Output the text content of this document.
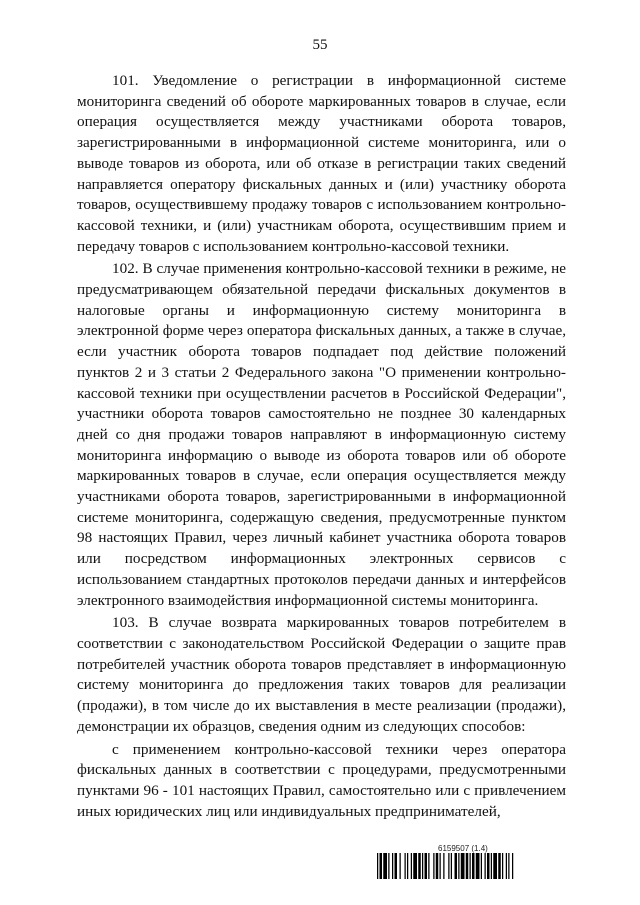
55

101. Уведомление о регистрации в информационной системе мониторинга сведений об обороте маркированных товаров в случае, если операция осуществляется между участниками оборота товаров, зарегистрированными в информационной системе мониторинга, или о выводе товаров из оборота, или об отказе в регистрации таких сведений направляется оператору фискальных данных и (или) участнику оборота товаров, осуществившему продажу товаров с использованием контрольно-кассовой техники, и (или) участникам оборота, осуществившим прием и передачу товаров с использованием контрольно-кассовой техники.

102. В случае применения контрольно-кассовой техники в режиме, не предусматривающем обязательной передачи фискальных документов в налоговые органы и информационную систему мониторинга в электронной форме через оператора фискальных данных, а также в случае, если участник оборота товаров подпадает под действие положений пунктов 2 и 3 статьи 2 Федерального закона "О применении контрольно-кассовой техники при осуществлении расчетов в Российской Федерации", участники оборота товаров самостоятельно не позднее 30 календарных дней со дня продажи товаров направляют в информационную систему мониторинга информацию о выводе из оборота товаров или об обороте маркированных товаров в случае, если операция осуществляется между участниками оборота товаров, зарегистрированными в информационной системе мониторинга, содержащую сведения, предусмотренные пунктом 98 настоящих Правил, через личный кабинет участника оборота товаров или посредством информационных электронных сервисов с использованием стандартных протоколов передачи данных и интерфейсов электронного взаимодействия информационной системы мониторинга.

103. В случае возврата маркированных товаров потребителем в соответствии с законодательством Российской Федерации о защите прав потребителей участник оборота товаров представляет в информационную систему мониторинга до предложения таких товаров для реализации (продажи), в том числе до их выставления в месте реализации (продажи), демонстрации их образцов, сведения одним из следующих способов:

с применением контрольно-кассовой техники через оператора фискальных данных в соответствии с процедурами, предусмотренными пунктами 96 - 101 настоящих Правил, самостоятельно или с привлечением иных юридических лиц или индивидуальных предпринимателей,

6159507 (1.4)
